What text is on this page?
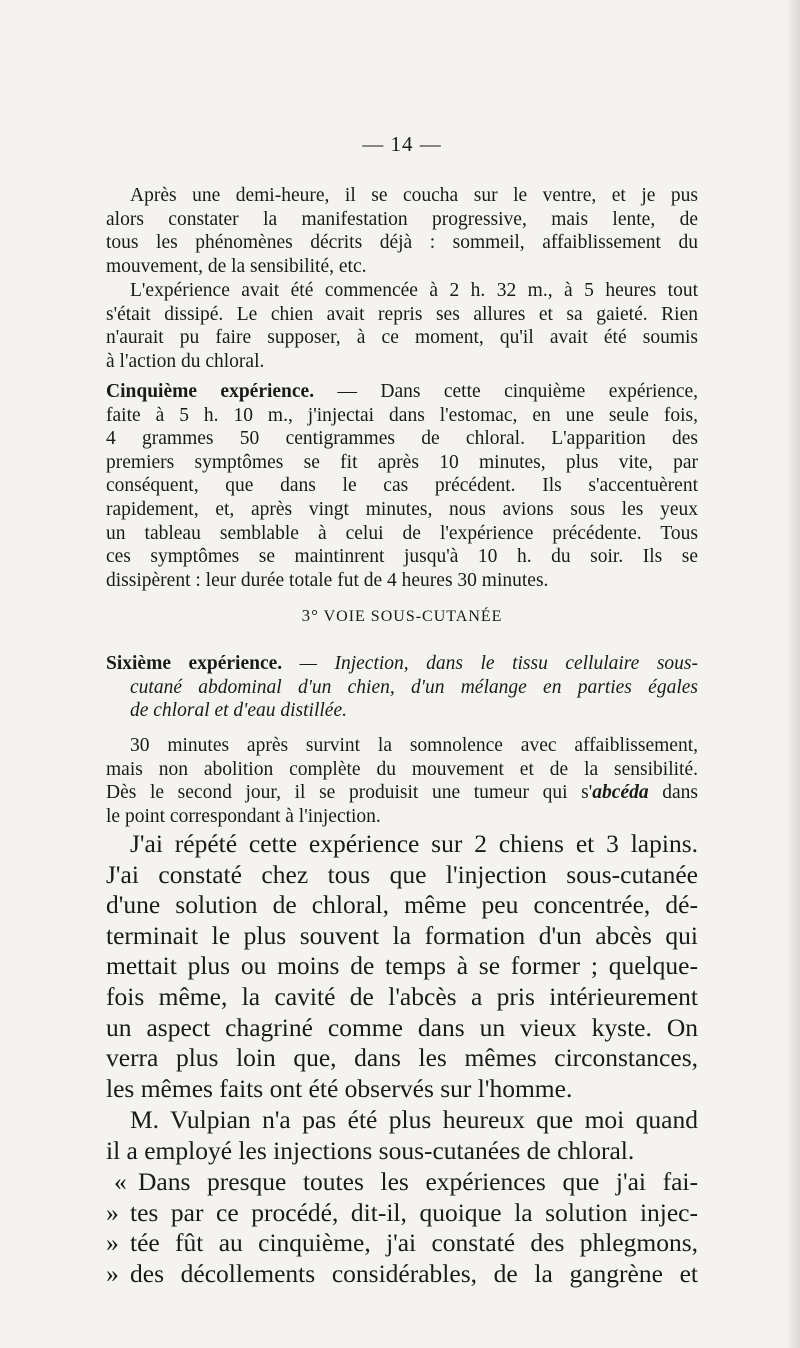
— 14 —
Après une demi-heure, il se coucha sur le ventre, et je pus
alors constater la manifestation progressive, mais lente, de
tous les phénomènes décrits déjà : sommeil, affaiblissement du
mouvement, de la sensibilité, etc.
L'expérience avait été commencée à 2 h. 32 m., à 5 heures tout
s'était dissipé. Le chien avait repris ses allures et sa gaieté. Rien
n'aurait pu faire supposer, à ce moment, qu'il avait été soumis
à l'action du chloral.
Cinquième expérience. — Dans cette cinquième expérience,
faite à 5 h. 10 m., j'injectai dans l'estomac, en une seule fois,
4 grammes 50 centigrammes de chloral. L'apparition des
premiers symptômes se fit après 10 minutes, plus vite, par
conséquent, que dans le cas précédent. Ils s'accentuèrent
rapidement, et, après vingt minutes, nous avions sous les yeux
un tableau semblable à celui de l'expérience précédente. Tous
ces symptômes se maintinrent jusqu'à 10 h. du soir. Ils se
dissipèrent : leur durée totale fut de 4 heures 30 minutes.
3° VOIE SOUS-CUTANÉE
Sixième expérience. — Injection, dans le tissu cellulaire sous-
cutané abdominal d'un chien, d'un mélange en parties égales
de chloral et d'eau distillée.
30 minutes après survint la somnolence avec affaiblissement,
mais non abolition complète du mouvement et de la sensibilité.
Dès le second jour, il se produisit une tumeur qui s'abcéda dans
le point correspondant à l'injection.
J'ai répété cette expérience sur 2 chiens et 3 lapins.
J'ai constaté chez tous que l'injection sous-cutanée
d'une solution de chloral, même peu concentrée, dé-
terminait le plus souvent la formation d'un abcès qui
mettait plus ou moins de temps à se former ; quelque-
fois même, la cavité de l'abcès a pris intérieurement
un aspect chagriné comme dans un vieux kyste. On
verra plus loin que, dans les mêmes circonstances,
les mêmes faits ont été observés sur l'homme.
M. Vulpian n'a pas été plus heureux que moi quand
il a employé les injections sous-cutanées de chloral.
« Dans presque toutes les expériences que j'ai fai-
» tes par ce procédé, dit-il, quoique la solution injec-
» tée fût au cinquième, j'ai constaté des phlegmons,
» des décollements considérables, de la gangrène et
